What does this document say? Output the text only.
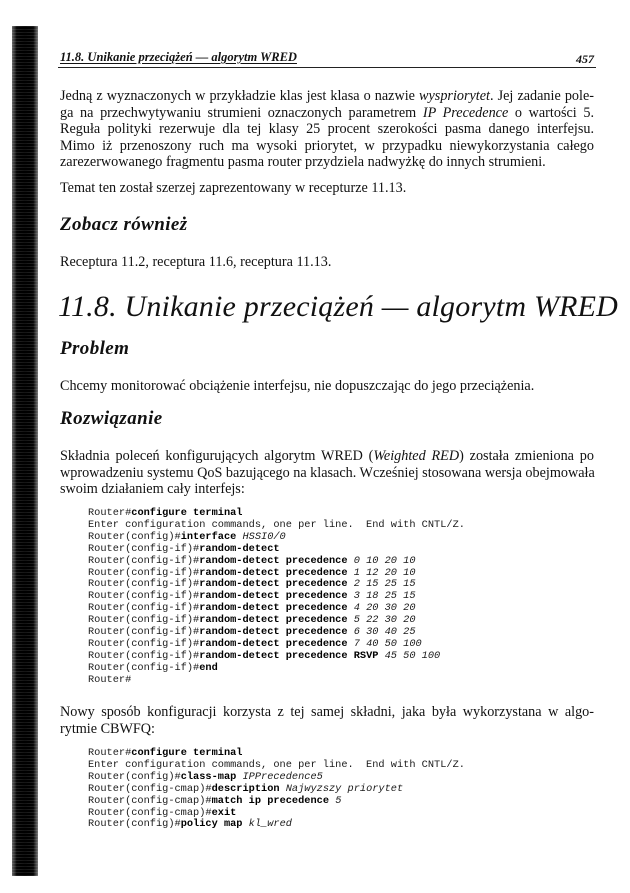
11.8. Unikanie przeciążeń — algorytm WRED	457

Jedną z wyznaczonych w przykładzie klas jest klasa o nazwie wyspriorytet. Jej zadanie pole-
ga na przechwytywaniu strumieni oznaczonych parametrem IP Precedence o wartości 5.
Reguła polityki rezerwuje dla tej klasy 25 procent szerokości pasma danego interfejsu.
Mimo iż przenoszony ruch ma wysoki priorytet, w przypadku niewykorzystania całego
zarezerwowanego fragmentu pasma router przydziela nadwyżkę do innych strumieni.

Temat ten został szerzej zaprezentowany w recepturze 11.13.

Zobacz również

Receptura 11.2, receptura 11.6, receptura 11.13.

11.8. Unikanie przeciążeń — algorytm WRED
Problem

Chcemy monitorować obciążenie interfejsu, nie dopuszczając do jego przeciążenia.

Rozwiązanie

Składnia poleceń konfigurujących algorytm WRED (Weighted RED) została zmieniona po
wprowadzeniu systemu QoS bazującego na klasach. Wcześniej stosowana wersja obejmowała
swoim działaniem cały interfejs:

Router#configure terminal
Enter configuration commands, one per line.  End with CNTL/Z.
Router(config)#interface HSSI0/0
Router(config-if)#random-detect
Router(config-if)#random-detect precedence 0 10 20 10
Router(config-if)#random-detect precedence 1 12 20 10
Router(config-if)#random-detect precedence 2 15 25 15
Router(config-if)#random-detect precedence 3 18 25 15
Router(config-if)#random-detect precedence 4 20 30 20
Router(config-if)#random-detect precedence 5 22 30 20
Router(config-if)#random-detect precedence 6 30 40 25
Router(config-if)#random-detect precedence 7 40 50 100
Router(config-if)#random-detect precedence RSVP 45 50 100
Router(config-if)#end
Router#

Nowy sposób konfiguracji korzysta z tej samej składni, jaka była wykorzystana w algo-
rytmie CBWFQ:

Router#configure terminal
Enter configuration commands, one per line.  End with CNTL/Z.
Router(config)#class-map IPPrecedence5
Router(config-cmap)#description Najwyzszy priorytet
Router(config-cmap)#match ip precedence 5
Router(config-cmap)#exit
Router(config)#policy map kl_wred
